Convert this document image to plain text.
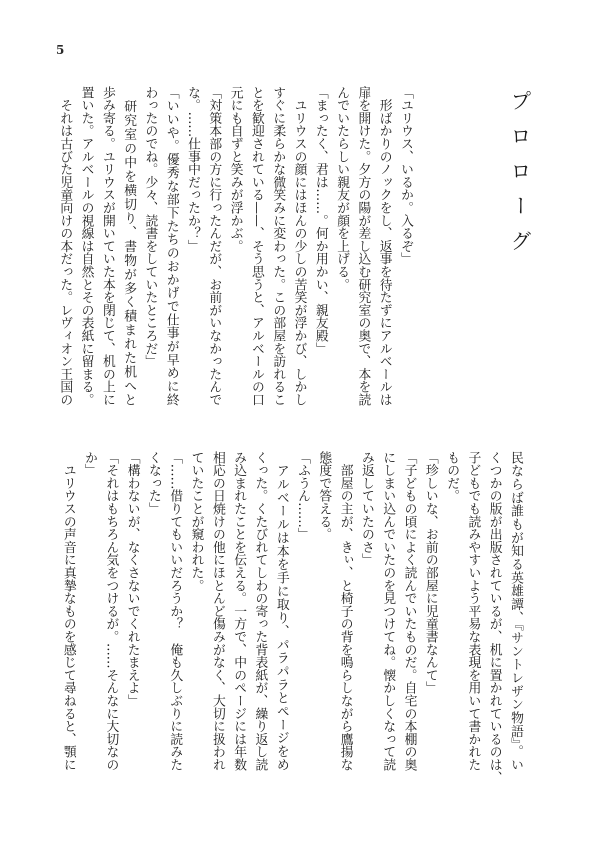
5
プロローグ
「ユリウス、いるか。入るぞ」
　形ばかりのノックをし、返事を待たずにアルベールは
扉を開けた。夕方の陽が差し込む研究室の奥で、本を読
んでいたらしい親友が顔を上げる。
「まったく、君は……。何か用かい、親友殿」
　ユリウスの顔にはほんの少しの苦笑が浮かび、しかし
すぐに柔らかな微笑みに変わった。この部屋を訪れるこ
とを歓迎されている——、そう思うと、アルベールの口
元にも自ずと笑みが浮かぶ。
「対策本部の方に行ったんだが、お前がいなかったんで
な。……仕事中だったか？」
「いいや。優秀な部下たちのおかげで仕事が早めに終
わったのでね。少々、読書をしていたところだ」
　研究室の中を横切り、書物が多く積まれた机へと
歩み寄る。ユリウスが開いていた本を閉じて、机の上に
置いた。アルベールの視線は自然とその表紙に留まる。
　それは古びた児童向けの本だった。レヴィオン王国の
民ならば誰もが知る英雄譚、『サントレザン物語』。い
くつかの版が出版されているが、机に置かれているのは、
子どもでも読みやすいよう平易な表現を用いて書かれた
ものだ。
「珍しいな、お前の部屋に児童書なんて」
「子どもの頃によく読んでいたものだ。自宅の本棚の奥
にしまい込んでいたのを見つけてね。懐かしくなって読
み返していたのさ」
　部屋の主が、きぃ、と椅子の背を鳴らしながら鷹揚な
態度で答える。
「ふうん……」
　アルベールは本を手に取り、パラパラとページをめ
くった。くたびれてしわの寄った背表紙が、繰り返し読
み込まれたことを伝える。一方で、中のページには年数
相応の日焼けの他にほとんど傷みがなく、大切に扱われ
ていたことが窺われた。
「……借りてもいいだろうか？　俺も久しぶりに読みた
くなった」
「構わないが、なくさないでくれたまえよ」
「それはもちろん気をつけるが。……そんなに大切なの
か」
　ユリウスの声音に真摯なものを感じて尋ねると、顎に
